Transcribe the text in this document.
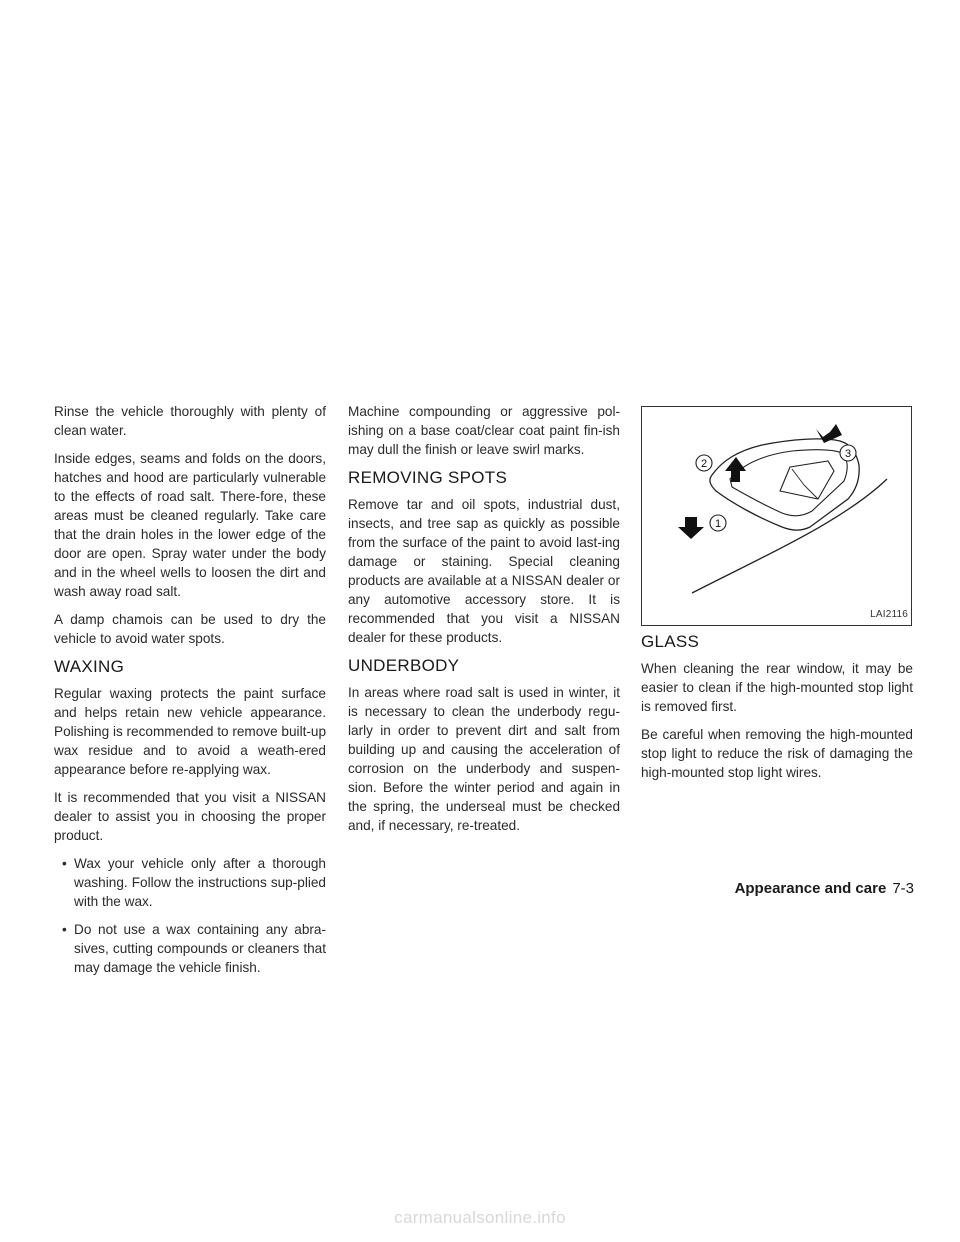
Rinse the vehicle thoroughly with plenty of clean water.

Inside edges, seams and folds on the doors, hatches and hood are particularly vulnerable to the effects of road salt. There-fore, these areas must be cleaned regularly. Take care that the drain holes in the lower edge of the door are open. Spray water under the body and in the wheel wells to loosen the dirt and wash away road salt.

A damp chamois can be used to dry the vehicle to avoid water spots.

WAXING

Regular waxing protects the paint surface and helps retain new vehicle appearance. Polishing is recommended to remove built-up wax residue and to avoid a weath-ered appearance before re-applying wax.

It is recommended that you visit a NISSAN dealer to assist you in choosing the proper product.

• Wax your vehicle only after a thorough washing. Follow the instructions sup-plied with the wax.
• Do not use a wax containing any abra-sives, cutting compounds or cleaners that may damage the vehicle finish.

Machine compounding or aggressive pol-ishing on a base coat/clear coat paint fin-ish may dull the finish or leave swirl marks.

REMOVING SPOTS

Remove tar and oil spots, industrial dust, insects, and tree sap as quickly as possible from the surface of the paint to avoid last-ing damage or staining. Special cleaning products are available at a NISSAN dealer or any automotive accessory store. It is recommended that you visit a NISSAN dealer for these products.

UNDERBODY

In areas where road salt is used in winter, it is necessary to clean the underbody regu-larly in order to prevent dirt and salt from building up and causing the acceleration of corrosion on the underbody and suspen-sion. Before the winter period and again in the spring, the underseal must be checked and, if necessary, re-treated.

1
2
3
LAI2116
GLASS

When cleaning the rear window, it may be easier to clean if the high-mounted stop light is removed first.

Be careful when removing the high-mounted stop light to reduce the risk of damaging the high-mounted stop light wires.

Appearance and care 7-3
carmanualsonline.info
